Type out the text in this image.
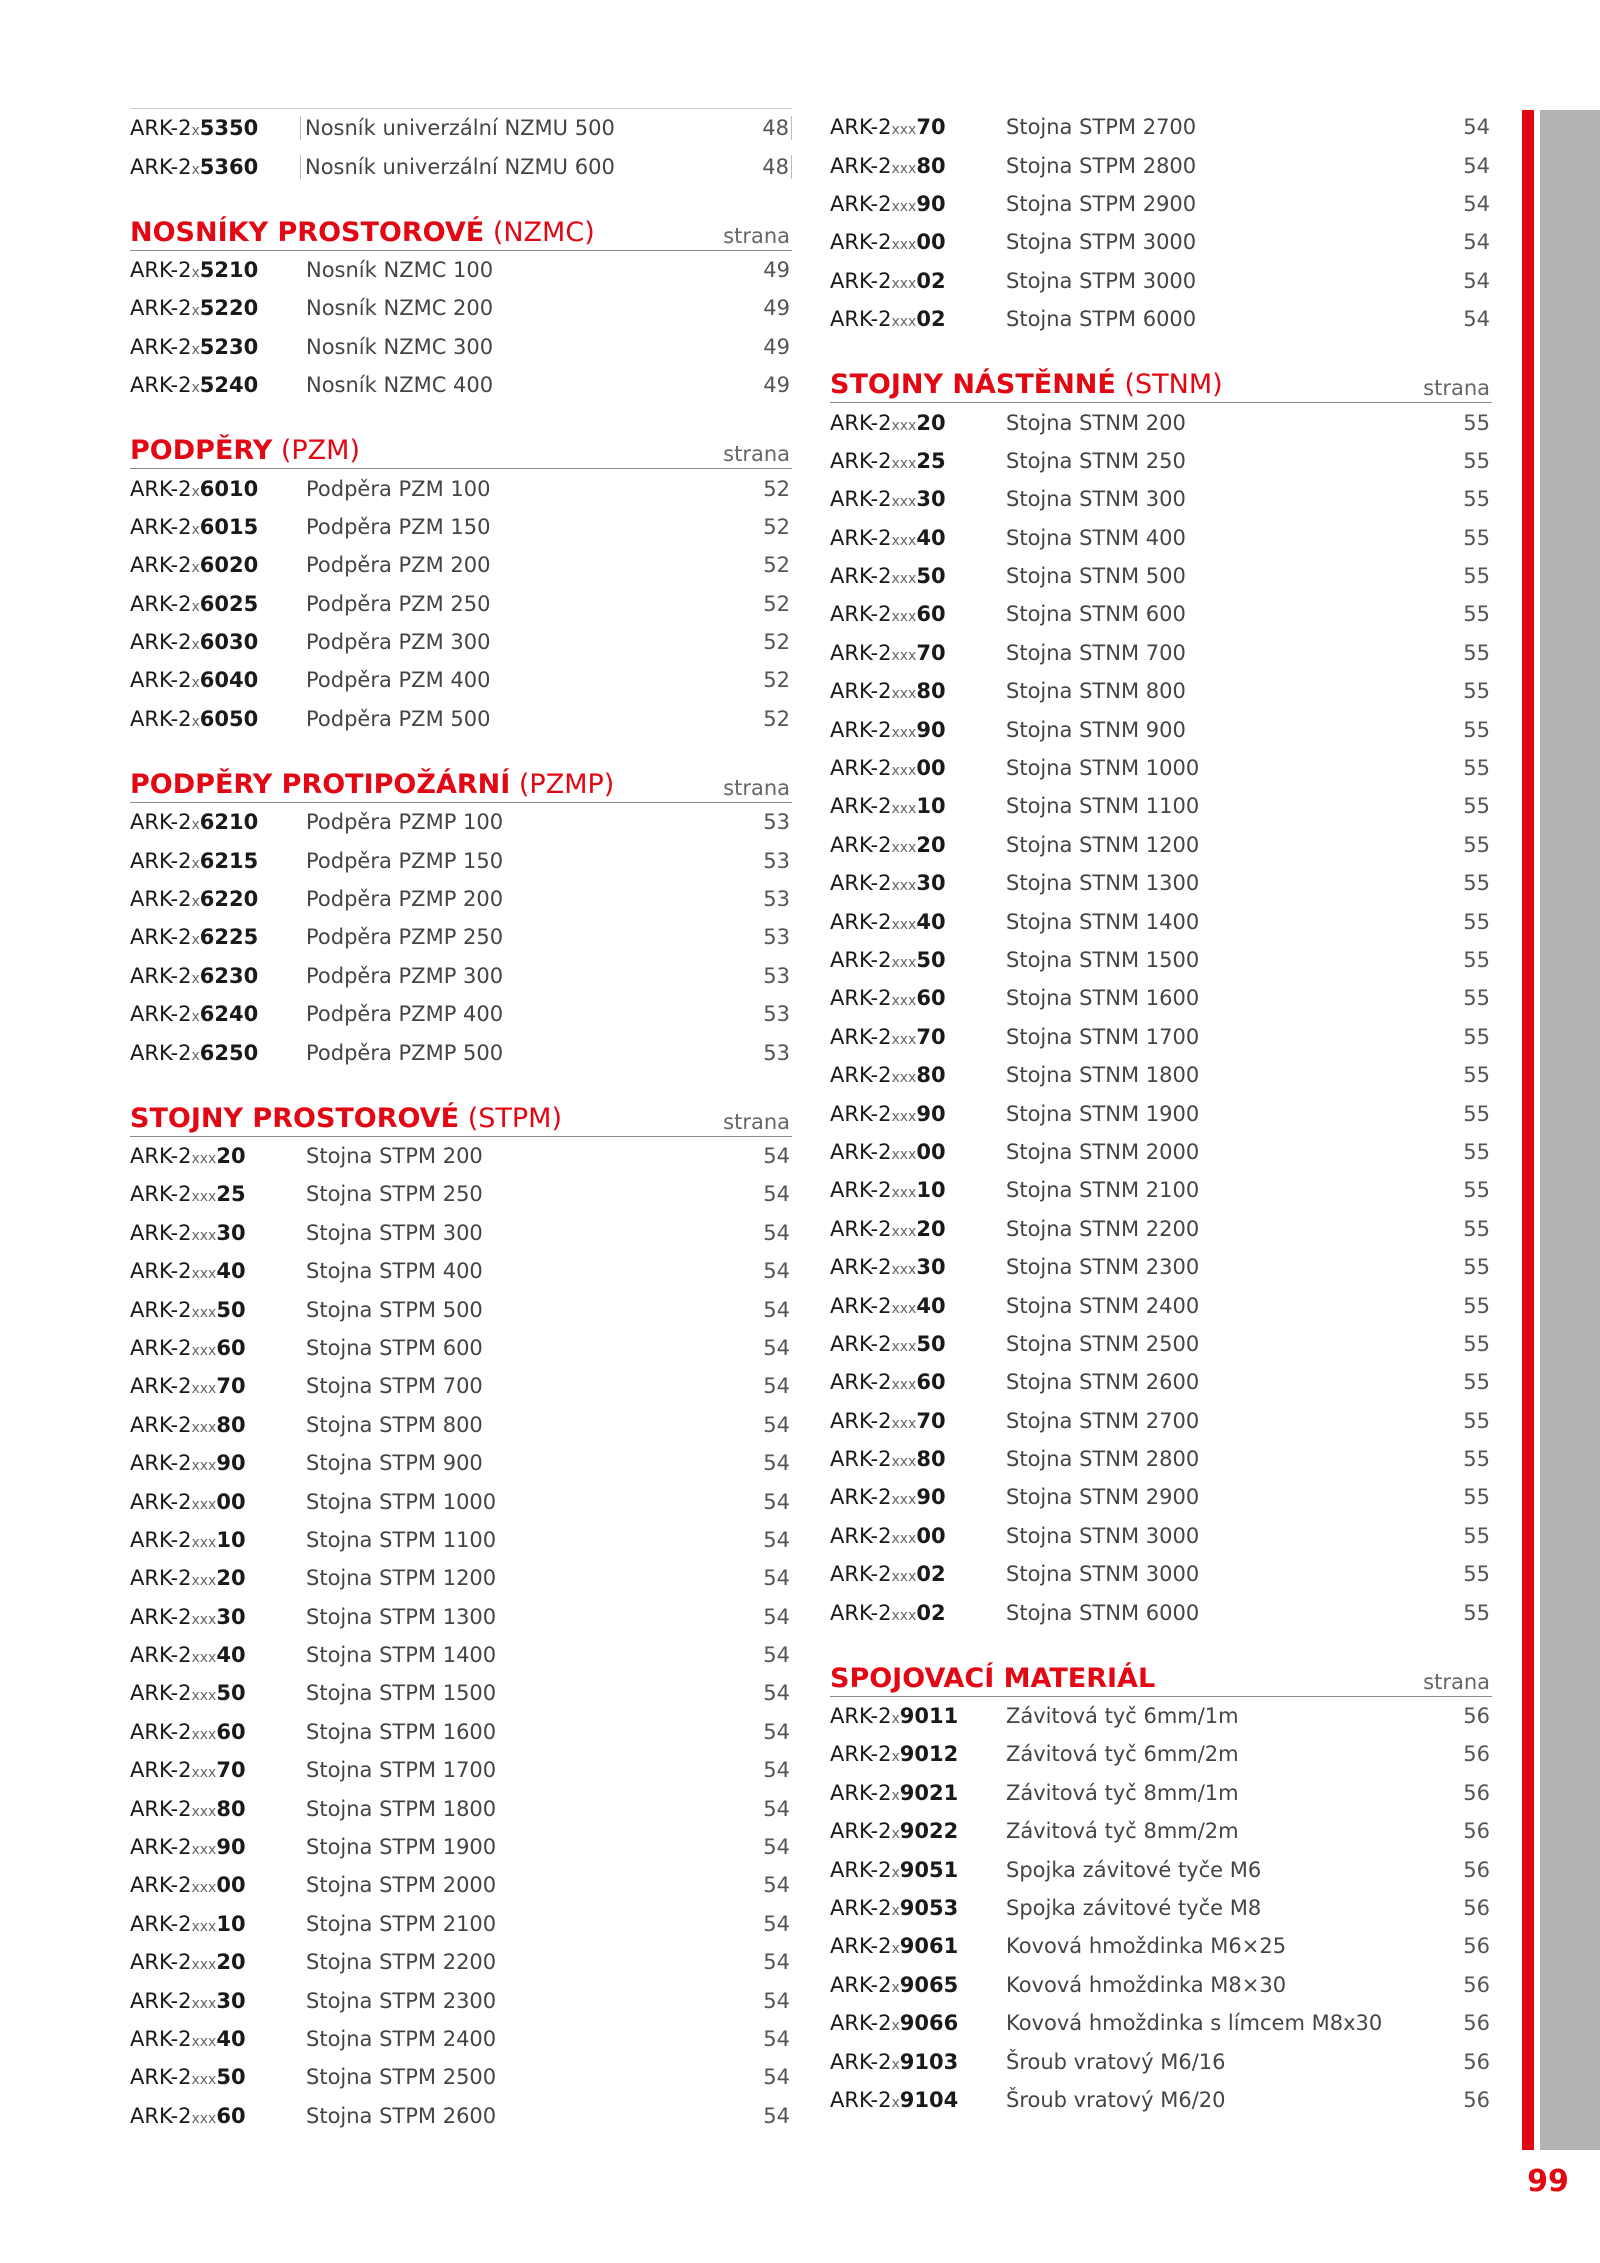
ARK-2x5350	Nosník univerzální NZMU 500	48
ARK-2x5360	Nosník univerzální NZMU 600	48
NOSNÍKY PROSTOROVÉ (NZMC)	strana
ARK-2x5210	Nosník NZMC 100	49
ARK-2x5220	Nosník NZMC 200	49
ARK-2x5230	Nosník NZMC 300	49
ARK-2x5240	Nosník NZMC 400	49
PODPĚRY (PZM)	strana
ARK-2x6010	Podpěra PZM 100	52
ARK-2x6015	Podpěra PZM 150	52
ARK-2x6020	Podpěra PZM 200	52
ARK-2x6025	Podpěra PZM 250	52
ARK-2x6030	Podpěra PZM 300	52
ARK-2x6040	Podpěra PZM 400	52
ARK-2x6050	Podpěra PZM 500	52
PODPĚRY PROTIPOŽÁRNÍ (PZMP)	strana
ARK-2x6210	Podpěra PZMP 100	53
ARK-2x6215	Podpěra PZMP 150	53
ARK-2x6220	Podpěra PZMP 200	53
ARK-2x6225	Podpěra PZMP 250	53
ARK-2x6230	Podpěra PZMP 300	53
ARK-2x6240	Podpěra PZMP 400	53
ARK-2x6250	Podpěra PZMP 500	53
STOJNY PROSTOROVÉ (STPM)	strana
ARK-2xxx20	Stojna STPM 200	54
ARK-2xxx25	Stojna STPM 250	54
ARK-2xxx30	Stojna STPM 300	54
ARK-2xxx40	Stojna STPM 400	54
ARK-2xxx50	Stojna STPM 500	54
ARK-2xxx60	Stojna STPM 600	54
ARK-2xxx70	Stojna STPM 700	54
ARK-2xxx80	Stojna STPM 800	54
ARK-2xxx90	Stojna STPM 900	54
ARK-2xxx00	Stojna STPM 1000	54
ARK-2xxx10	Stojna STPM 1100	54
ARK-2xxx20	Stojna STPM 1200	54
ARK-2xxx30	Stojna STPM 1300	54
ARK-2xxx40	Stojna STPM 1400	54
ARK-2xxx50	Stojna STPM 1500	54
ARK-2xxx60	Stojna STPM 1600	54
ARK-2xxx70	Stojna STPM 1700	54
ARK-2xxx80	Stojna STPM 1800	54
ARK-2xxx90	Stojna STPM 1900	54
ARK-2xxx00	Stojna STPM 2000	54
ARK-2xxx10	Stojna STPM 2100	54
ARK-2xxx20	Stojna STPM 2200	54
ARK-2xxx30	Stojna STPM 2300	54
ARK-2xxx40	Stojna STPM 2400	54
ARK-2xxx50	Stojna STPM 2500	54
ARK-2xxx60	Stojna STPM 2600	54
ARK-2xxx70	Stojna STPM 2700	54
ARK-2xxx80	Stojna STPM 2800	54
ARK-2xxx90	Stojna STPM 2900	54
ARK-2xxx00	Stojna STPM 3000	54
ARK-2xxx02	Stojna STPM 3000	54
ARK-2xxx02	Stojna STPM 6000	54
STOJNY NÁSTĚNNÉ (STNM)	strana
ARK-2xxx20	Stojna STNM 200	55
ARK-2xxx25	Stojna STNM 250	55
ARK-2xxx30	Stojna STNM 300	55
ARK-2xxx40	Stojna STNM 400	55
ARK-2xxx50	Stojna STNM 500	55
ARK-2xxx60	Stojna STNM 600	55
ARK-2xxx70	Stojna STNM 700	55
ARK-2xxx80	Stojna STNM 800	55
ARK-2xxx90	Stojna STNM 900	55
ARK-2xxx00	Stojna STNM 1000	55
ARK-2xxx10	Stojna STNM 1100	55
ARK-2xxx20	Stojna STNM 1200	55
ARK-2xxx30	Stojna STNM 1300	55
ARK-2xxx40	Stojna STNM 1400	55
ARK-2xxx50	Stojna STNM 1500	55
ARK-2xxx60	Stojna STNM 1600	55
ARK-2xxx70	Stojna STNM 1700	55
ARK-2xxx80	Stojna STNM 1800	55
ARK-2xxx90	Stojna STNM 1900	55
ARK-2xxx00	Stojna STNM 2000	55
ARK-2xxx10	Stojna STNM 2100	55
ARK-2xxx20	Stojna STNM 2200	55
ARK-2xxx30	Stojna STNM 2300	55
ARK-2xxx40	Stojna STNM 2400	55
ARK-2xxx50	Stojna STNM 2500	55
ARK-2xxx60	Stojna STNM 2600	55
ARK-2xxx70	Stojna STNM 2700	55
ARK-2xxx80	Stojna STNM 2800	55
ARK-2xxx90	Stojna STNM 2900	55
ARK-2xxx00	Stojna STNM 3000	55
ARK-2xxx02	Stojna STNM 3000	55
ARK-2xxx02	Stojna STNM 6000	55
SPOJOVACÍ MATERIÁL	strana
ARK-2x9011	Závitová tyč 6mm/1m	56
ARK-2x9012	Závitová tyč 6mm/2m	56
ARK-2x9021	Závitová tyč 8mm/1m	56
ARK-2x9022	Závitová tyč 8mm/2m	56
ARK-2x9051	Spojka závitové tyče M6	56
ARK-2x9053	Spojka závitové tyče M8	56
ARK-2x9061	Kovová hmoždinka M6×25	56
ARK-2x9065	Kovová hmoždinka M8×30	56
ARK-2x9066	Kovová hmoždinka s límcem M8x30	56
ARK-2x9103	Šroub vratový M6/16	56
ARK-2x9104	Šroub vratový M6/20	56
99
